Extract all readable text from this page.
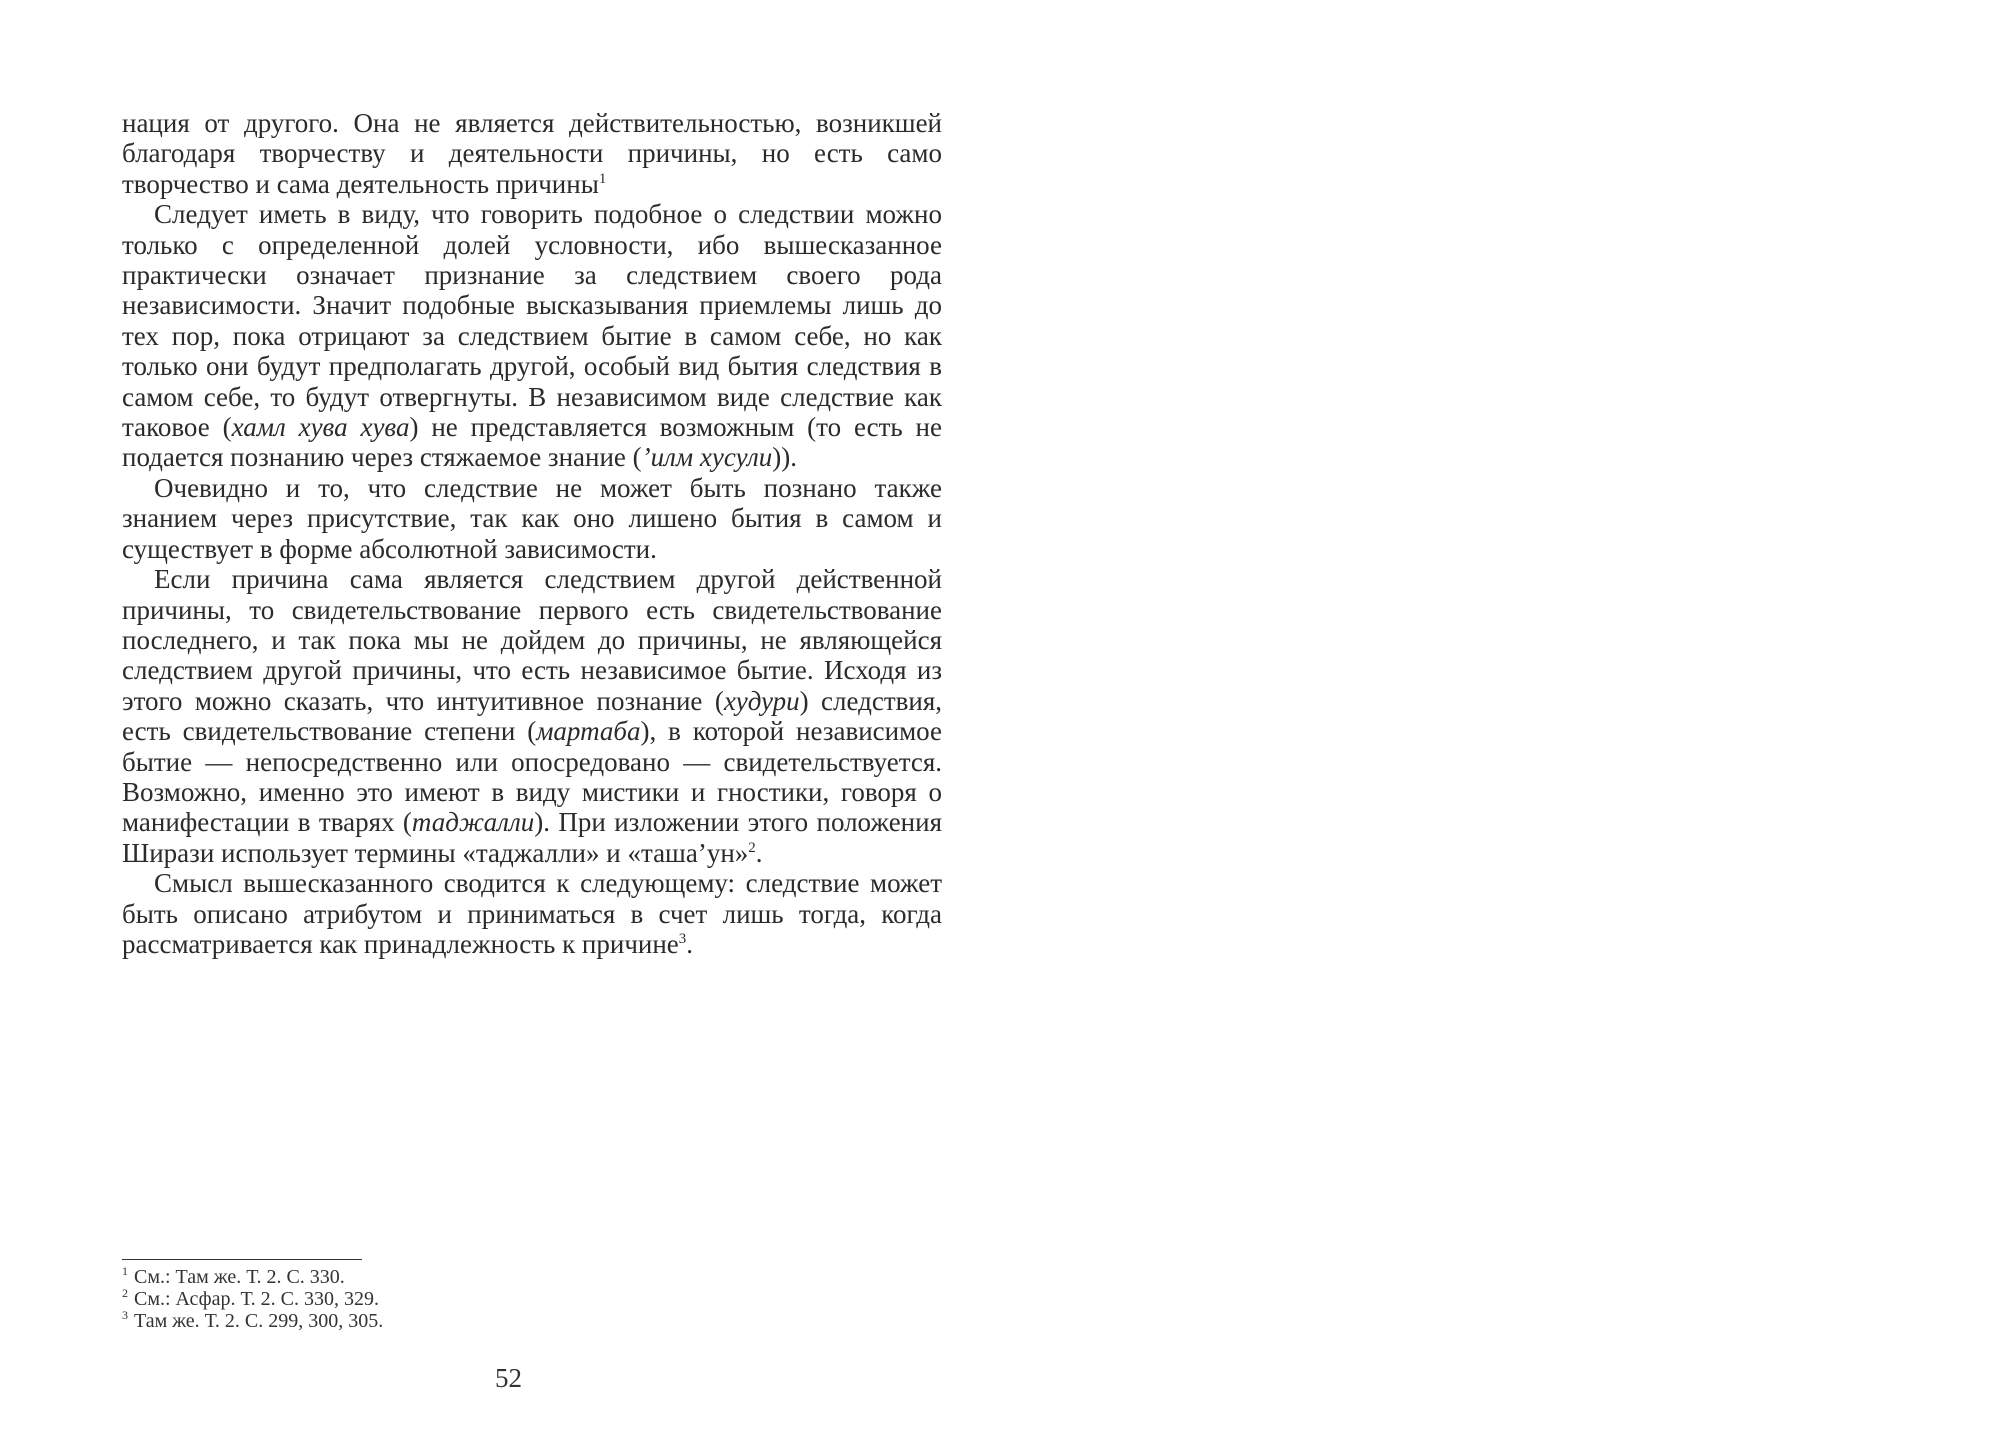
нация от другого. Она не является действительностью, возникшей благодаря творчеству и деятельности причины, но есть само творчество и сама деятельность причины$^1$

Следует иметь в виду, что говорить подобное о следствии можно только с определенной долей условности, ибо вышесказанное практически означает признание за следствием своего рода независимости. Значит подобные высказывания приемлемы лишь до тех пор, пока отрицают за следствием бытие в самом себе, но как только они будут предполагать другой, особый вид бытия следствия в самом себе, то будут отвергнуты. В независимом виде следствие как таковое (хамл хува хува) не представляется возможным (то есть не подается познанию через стяжаемое знание (’илм хусули)).

Очевидно и то, что следствие не может быть познано также знанием через присутствие, так как оно лишено бытия в самом и существует в форме абсолютной зависимости.

Если причина сама является следствием другой действенной причины, то свидетельствование первого есть свидетельствование последнего, и так пока мы не дойдем до причины, не являющейся следствием другой причины, что есть независимое бытие. Исходя из этого можно сказать, что интуитивное познание (худури) следствия, есть свидетельствование степени (мартаба), в которой независимое бытие — непосредственно или опосредовано — свидетельствуется. Возможно, именно это имеют в виду мистики и гностики, говоря о манифестации в тварях (таджалли). При изложении этого положения Ширази использует термины «таджалли» и «таша’ун»$^2$.

Смысл вышесказанного сводится к следующему: следствие может быть описано атрибутом и приниматься в счет лишь тогда, когда рассматривается как принадлежность к причине$^3$.

$^1$ См.: Там же. Т. 2. С. 330.
$^2$ См.: Асфар. Т. 2. С. 330, 329.
$^3$ Там же. Т. 2. С. 299, 300, 305.
52
